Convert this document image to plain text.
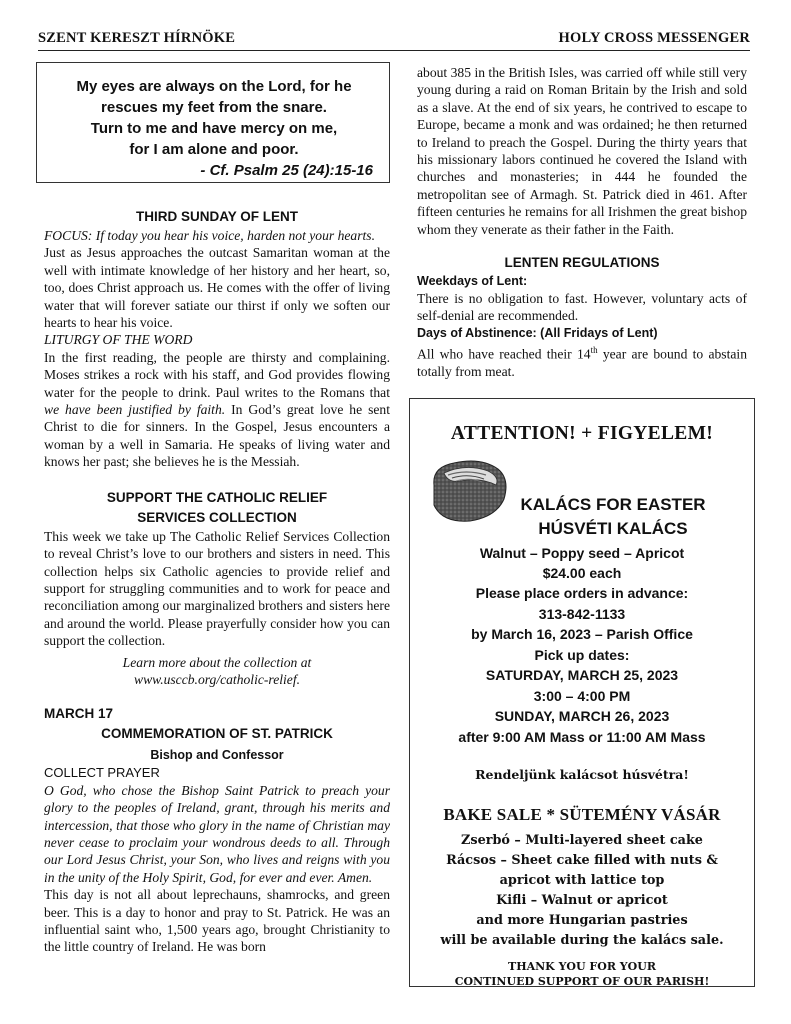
SZENT KERESZT HÍRNÖKE	HOLY CROSS MESSENGER

My eyes are always on the Lord, for he

rescues my feet from the snare.

Turn to me and have mercy on me,

for I am alone and poor.

- Cf. Psalm 25 (24):15-16

THIRD SUNDAY OF LENT

FOCUS: If today you hear his voice, harden not your hearts.

Just as Jesus approaches the outcast Samaritan woman at the well with intimate knowledge of her history and her heart, so, too, does Christ approach us. He comes with the offer of living water that will forever satiate our thirst if only we soften our hearts to hear his voice.

LITURGY OF THE WORD

In the first reading, the people are thirsty and complaining. Moses strikes a rock with his staff, and God provides flowing water for the people to drink. Paul writes to the Romans that we have been justified by faith. In God’s great love he sent Christ to die for sinners. In the Gospel, Jesus encounters a woman by a well in Samaria. He speaks of living water and knows her past; she believes he is the Messiah.

SUPPORT THE CATHOLIC RELIEF

SERVICES COLLECTION

This week we take up The Catholic Relief Services Collection to reveal Christ’s love to our brothers and sisters in need. This collection helps six Catholic agencies to provide relief and support for struggling communities and to work for peace and reconciliation among our marginalized brothers and sisters here and around the world. Please prayerfully consider how you can support the collection.

Learn more about the collection at

www.usccb.org/catholic-relief.

MARCH 17

COMMEMORATION OF ST. PATRICK

Bishop and Confessor

COLLECT PRAYER

O God, who chose the Bishop Saint Patrick to preach your glory to the peoples of Ireland, grant, through his merits and intercession, that those who glory in the name of Christian may never cease to proclaim your wondrous deeds to all. Through our Lord Jesus Christ, your Son, who lives and reigns with you in the unity of the Holy Spirit, God, for ever and ever. Amen.

This day is not all about leprechauns, shamrocks, and green beer. This is a day to honor and pray to St. Patrick. He was an influential saint who, 1,500 years ago, brought Christianity to the little country of Ireland. He was born

about 385 in the British Isles, was carried off while still very young during a raid on Roman Britain by the Irish and sold as a slave. At the end of six years, he contrived to escape to Europe, became a monk and was ordained; he then returned to Ireland to preach the Gospel. During the thirty years that his missionary labors continued he covered the Island with churches and monasteries; in 444 he founded the metropolitan see of Armagh. St. Patrick died in 461. After fifteen centuries he remains for all Irishmen the great bishop whom they venerate as their father in the Faith.

LENTEN REGULATIONS

Weekdays of Lent:

There is no obligation to fast. However, voluntary acts of self-denial are recommended.

Days of Abstinence: (All Fridays of Lent)

All who have reached their 14th year are bound to abstain totally from meat.

ATTENTION! + FIGYELEM!
KALÁCS FOR EASTER
HÚSVÉTI KALÁCS
Walnut – Poppy seed – Apricot
$24.00 each
Please place orders in advance:
313-842-1133
by March 16, 2023 – Parish Office
Pick up dates:
SATURDAY, MARCH 25, 2023
3:00 – 4:00 PM
SUNDAY, MARCH 26, 2023
after 9:00 AM Mass or 11:00 AM Mass
Rendeljünk kalácsot húsvétra!
BAKE SALE * SÜTEMÉNY VÁSÁR
Zserbó – Multi-layered sheet cake
Rácsos – Sheet cake filled with nuts &
apricot with lattice top
Kifli – Walnut or apricot
and more Hungarian pastries
will be available during the kalács sale.
THANK YOU FOR YOUR
CONTINUED SUPPORT OF OUR PARISH!
